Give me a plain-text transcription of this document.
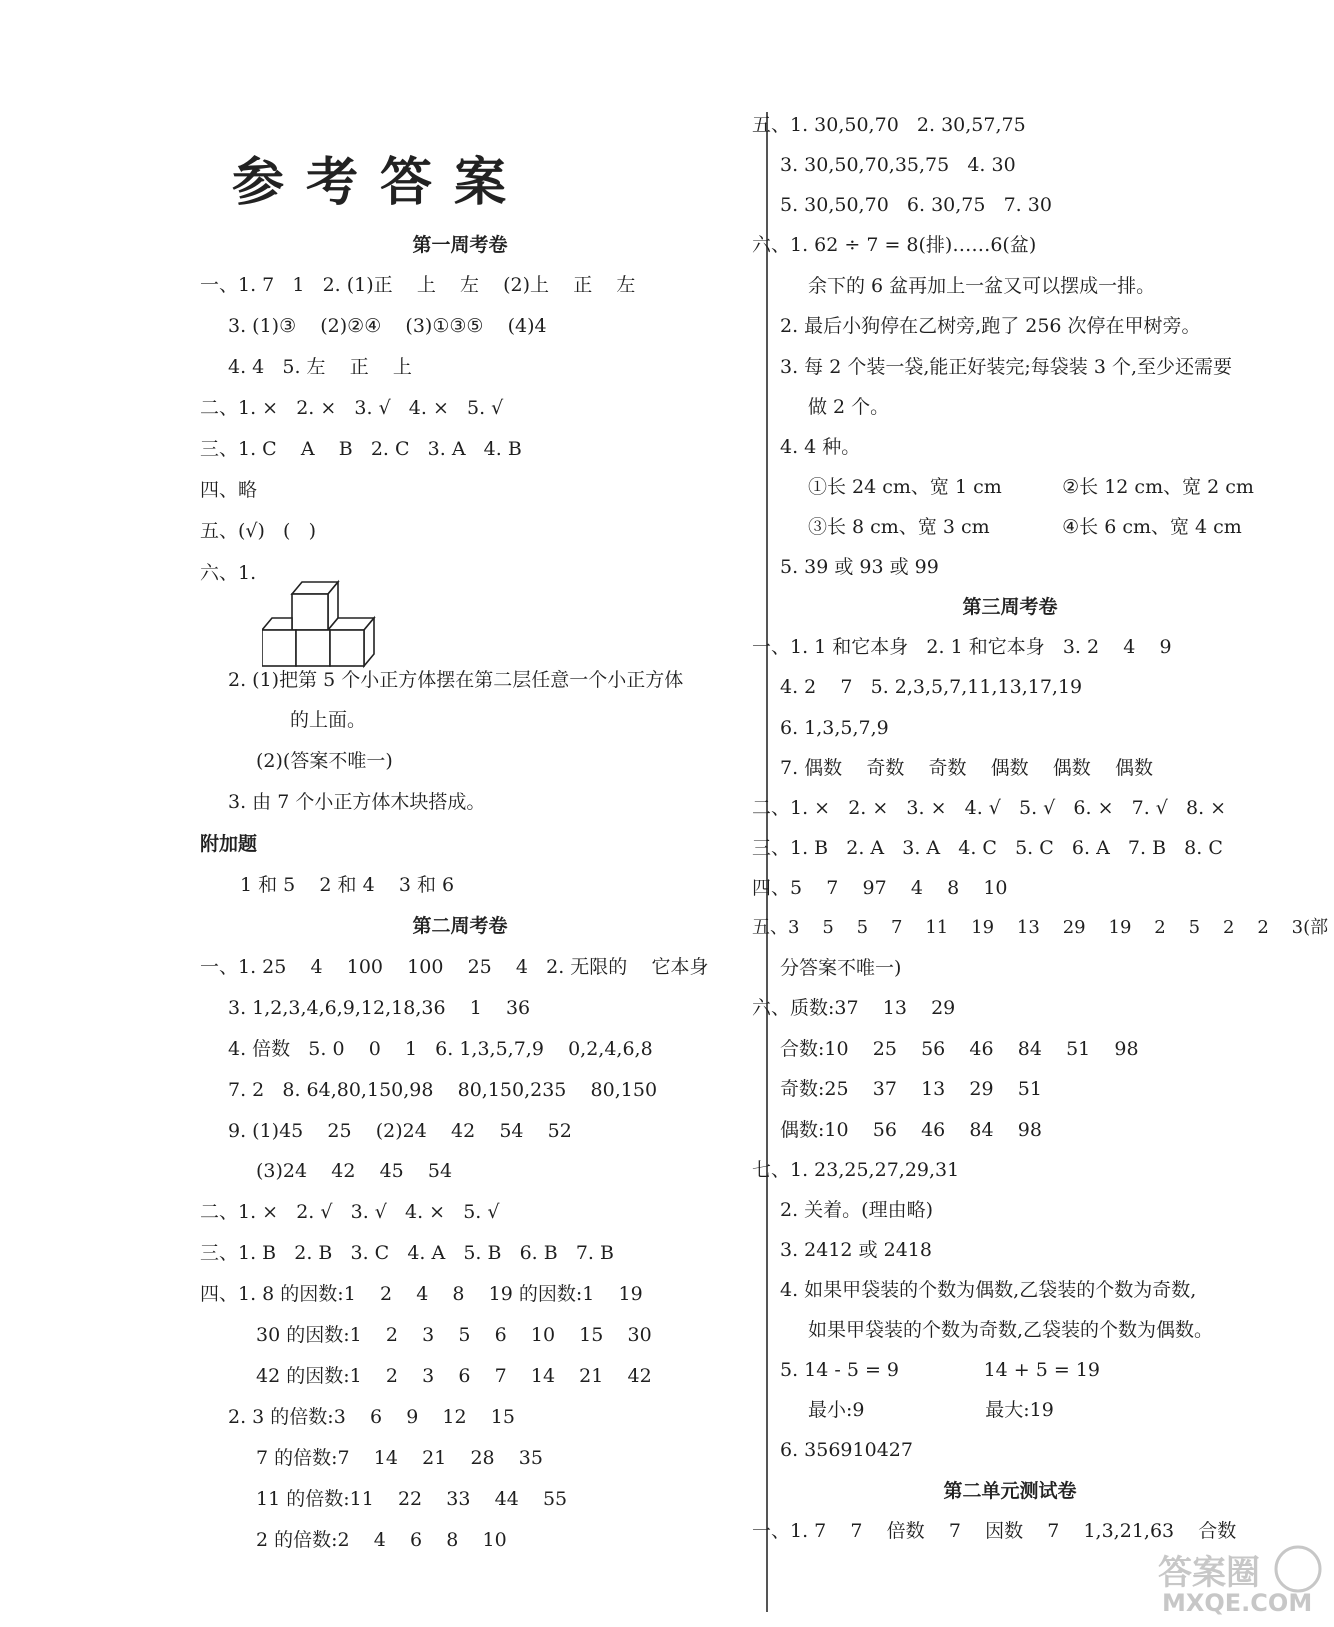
参考答案
第一周考卷
一、1. 7   1   2. (1)正    上    左    (2)上    正    左
3. (1)③    (2)②④    (3)①③⑤    (4)4
4. 4   5. 左    正    上
二、1. ×   2. ×   3. √   4. ×   5. √
三、1. C    A    B   2. C   3. A   4. B
四、略
五、(√)   (   )
六、1.
2. (1)把第 5 个小正方体摆在第二层任意一个小正方体
的上面。
(2)(答案不唯一)
3. 由 7 个小正方体木块搭成。
附加题
1 和 5    2 和 4    3 和 6
第二周考卷
一、1. 25    4    100    100    25    4   2. 无限的    它本身
3. 1,2,3,4,6,9,12,18,36    1    36
4. 倍数   5. 0    0    1   6. 1,3,5,7,9    0,2,4,6,8
7. 2   8. 64,80,150,98    80,150,235    80,150
9. (1)45    25    (2)24    42    54    52
(3)24    42    45    54
二、1. ×   2. √   3. √   4. ×   5. √
三、1. B   2. B   3. C   4. A   5. B   6. B   7. B
四、1. 8 的因数:1    2    4    8    19 的因数:1    19
30 的因数:1    2    3    5    6    10    15    30
42 的因数:1    2    3    6    7    14    21    42
2. 3 的倍数:3    6    9    12    15
7 的倍数:7    14    21    28    35
11 的倍数:11    22    33    44    55
2 的倍数:2    4    6    8    10
五、1. 30,50,70   2. 30,57,75
3. 30,50,70,35,75   4. 30
5. 30,50,70   6. 30,75   7. 30
六、1. 62 ÷ 7 = 8(排)……6(盆)
余下的 6 盆再加上一盆又可以摆成一排。
2. 最后小狗停在乙树旁,跑了 256 次停在甲树旁。
3. 每 2 个装一袋,能正好装完;每袋装 3 个,至少还需要
做 2 个。
4. 4 种。
①长 24 cm、宽 1 cm          ②长 12 cm、宽 2 cm
③长 8 cm、宽 3 cm            ④长 6 cm、宽 4 cm
5. 39 或 93 或 99
第三周考卷
一、1. 1 和它本身   2. 1 和它本身   3. 2    4    9
4. 2    7   5. 2,3,5,7,11,13,17,19
6. 1,3,5,7,9
7. 偶数    奇数    奇数    偶数    偶数    偶数
二、1. ×   2. ×   3. ×   4. √   5. √   6. ×   7. √   8. ×
三、1. B   2. A   3. A   4. C   5. C   6. A   7. B   8. C
四、5    7    97    4    8    10
五、3    5    5    7    11    19    13    29    19    2    5    2    2    3(部
分答案不唯一)
六、质数:37    13    29
合数:10    25    56    46    84    51    98
奇数:25    37    13    29    51
偶数:10    56    46    84    98
七、1. 23,25,27,29,31
2. 关着。(理由略)
3. 2412 或 2418
4. 如果甲袋装的个数为偶数,乙袋装的个数为奇数,
如果甲袋装的个数为奇数,乙袋装的个数为偶数。
5. 14 - 5 = 9              14 + 5 = 19
最小:9                    最大:19
6. 356910427
第二单元测试卷
一、1. 7    7    倍数    7    因数    7    1,3,21,63    合数
答案圈
MXQE.COM
